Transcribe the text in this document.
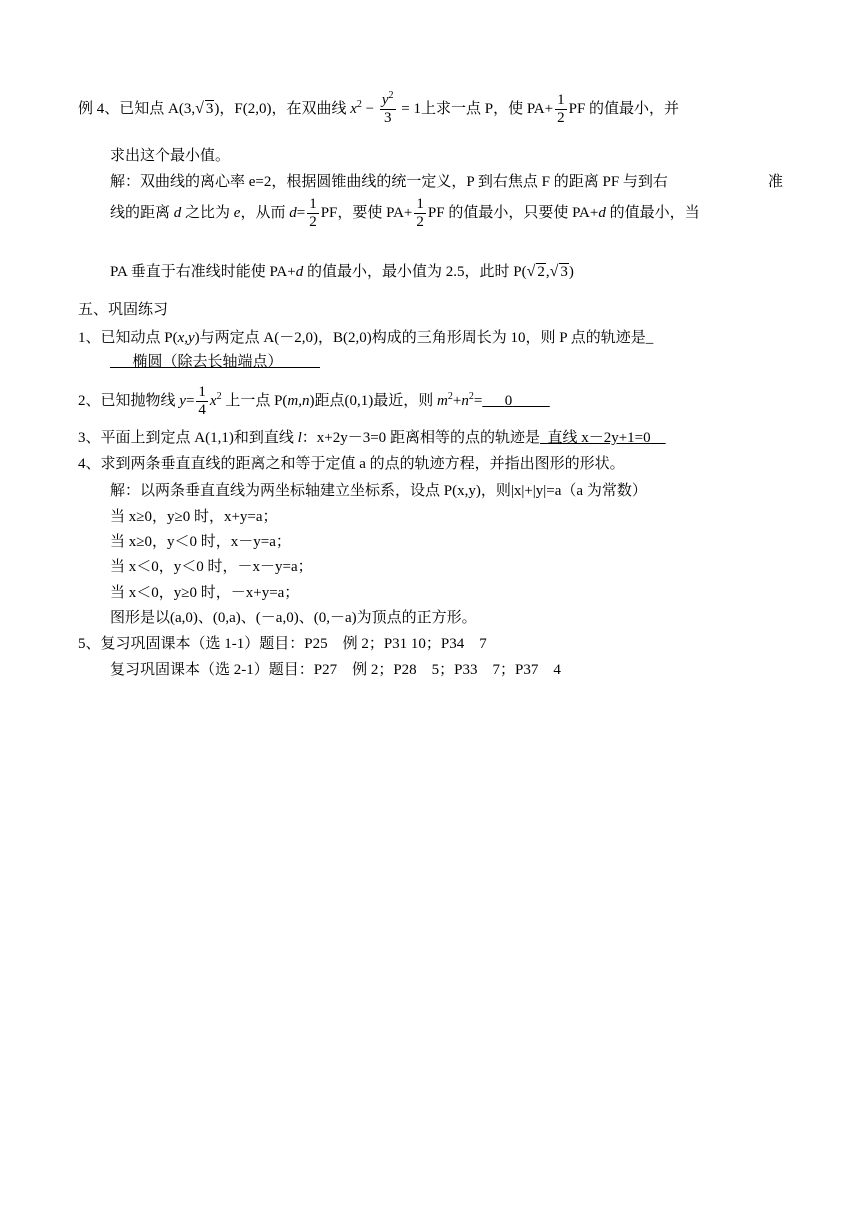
例 4、已知点 A(3,√ 3)，F(2,0)，在双曲线 $x^2 - \frac{y^2}{3} = 1$上求一点 P，使 $PA+ \frac{1}{2}$ PF 的值最小，并
求出这个最小值。
解：双曲线的离心率 e=2，根据圆锥曲线的统一定义，P 到右焦点 F 的距离 PF 与到右	准
线的距离 d 之比为 e，从而 $d= \frac{1}{2}$ PF，要使 $PA+ \frac{1}{2}$ PF 的值最小，只要使 PA+d 的值最小，当
PA 垂直于右准线时能使 PA+d 的值最小，最小值为 2.5，此时 P(√ 2,√ 3)
五、巩固练习
1、已知动点 P(x,y)与两定点 A(－2,0)，B(2,0)构成的三角形周长为 10，则 P 点的轨迹是_
  椭圆（除去长轴端点）   
2、已知抛物线 $y= \frac{1}{4} x^2$ 上一点 P(m,n)距点(0,1)最近，则 $m^2+n^2=$   0   
3、平面上到定点 A(1,1)和到直线 l：x+2y－3=0 距离相等的点的轨迹是  直线 x－2y+1=0  
4、求到两条垂直直线的距离之和等于定值 a 的点的轨迹方程，并指出图形的形状。
解：以两条垂直直线为两坐标轴建立坐标系，设点 P(x,y)，则|x|+|y|=a（a 为常数）
当 x≥0，y≥0 时，x+y=a；
当 x≥0，y＜0 时，x－y=a；
当 x＜0，y＜0 时，－x－y=a；
当 x＜0，y≥0 时，－x+y=a；
图形是以(a,0)、(0,a)、(－a,0)、(0,－a)为顶点的正方形。
5、复习巩固课本（选 1-1）题目：P25　例 2；P31 10；P34　7
复习巩固课本（选 2-1）题目：P27　例 2；P28　5；P33　7；P37　4
